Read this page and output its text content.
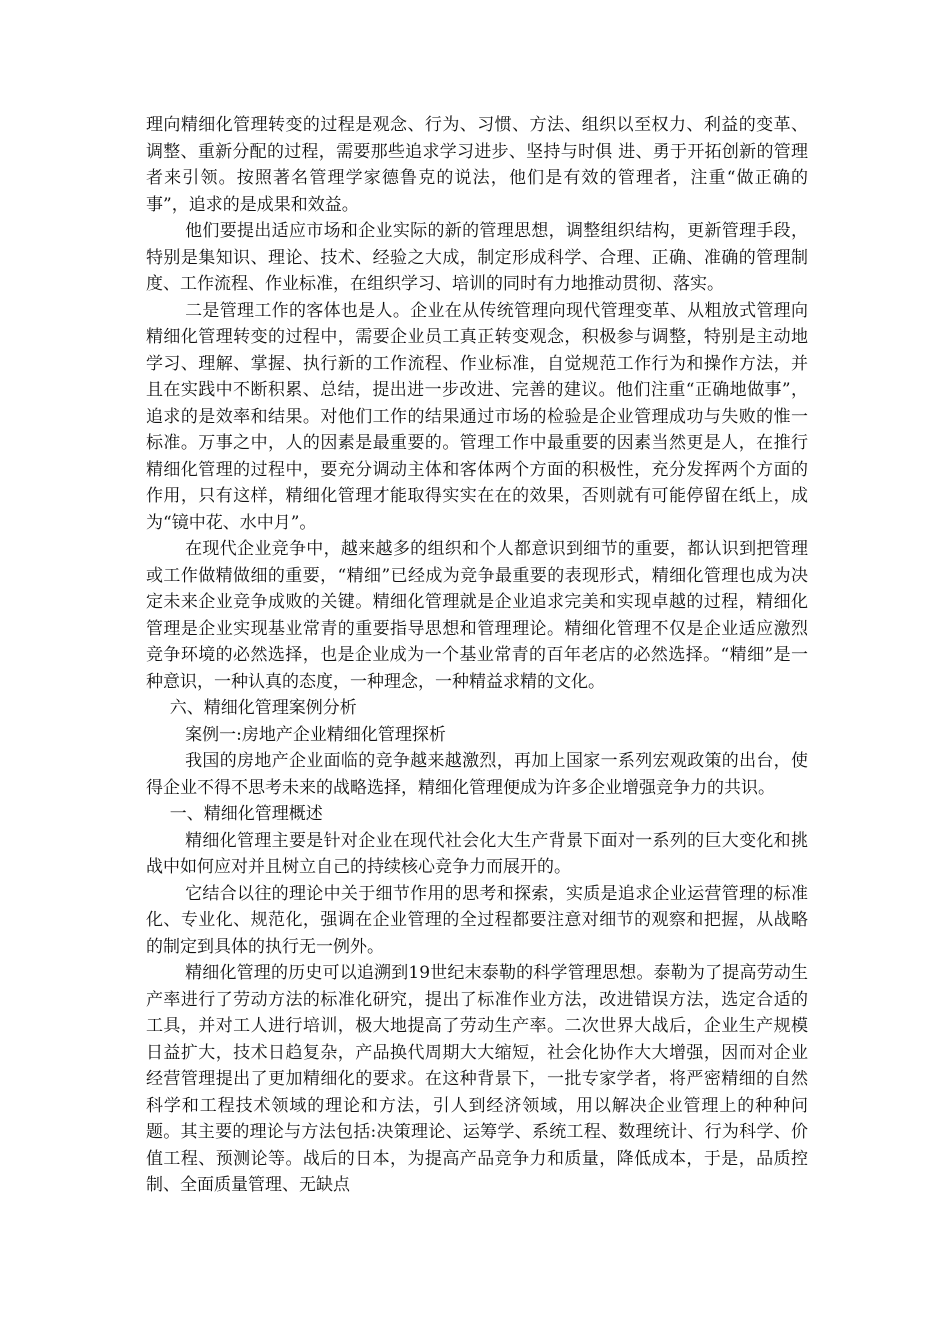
理向精细化管理转变的过程是观念、行为、习惯、方法、组织以至权力、利益的变革、调整、重新分配的过程，需要那些追求学习进步、坚持与时俱 进、勇于开拓创新的管理者来引领。按照著名管理学家德鲁克的说法，他们是有效的管理者，注重“做正确的事”，追求的是成果和效益。

他们要提出适应市场和企业实际的新的管理思想，调整组织结构，更新管理手段，特别是集知识、理论、技术、经验之大成，制定形成科学、合理、正确、准确的管理制度、工作流程、作业标准，在组织学习、培训的同时有力地推动贯彻、落实。

二是管理工作的客体也是人。企业在从传统管理向现代管理变革、从粗放式管理向精细化管理转变的过程中，需要企业员工真正转变观念，积极参与调整，特别是主动地学习、理解、掌握、执行新的工作流程、作业标准，自觉规范工作行为和操作方法，并且在实践中不断积累、总结，提出进一步改进、完善的建议。他们注重“正确地做事”，追求的是效率和结果。对他们工作的结果通过市场的检验是企业管理成功与失败的惟一标准。万事之中，人的因素是最重要的。管理工作中最重要的因素当然更是人，在推行精细化管理的过程中，要充分调动主体和客体两个方面的积极性，充分发挥两个方面的作用，只有这样，精细化管理才能取得实实在在的效果，否则就有可能停留在纸上，成为“镜中花、水中月”。

在现代企业竞争中，越来越多的组织和个人都意识到细节的重要，都认识到把管理或工作做精做细的重要，“精细”已经成为竞争最重要的表现形式，精细化管理也成为决定未来企业竞争成败的关键。精细化管理就是企业追求完美和实现卓越的过程，精细化管理是企业实现基业常青的重要指导思想和管理理论。精细化管理不仅是企业适应激烈竞争环境的必然选择，也是企业成为一个基业常青的百年老店的必然选择。“精细”是一种意识，一种认真的态度，一种理念，一种精益求精的文化。

六、精细化管理案例分析

案例一:房地产企业精细化管理探析

我国的房地产企业面临的竞争越来越激烈，再加上国家一系列宏观政策的出台，使得企业不得不思考未来的战略选择，精细化管理便成为许多企业增强竞争力的共识。

一、精细化管理概述

精细化管理主要是针对企业在现代社会化大生产背景下面对一系列的巨大变化和挑战中如何应对并且树立自己的持续核心竞争力而展开的。

它结合以往的理论中关于细节作用的思考和探索，实质是追求企业运营管理的标准化、专业化、规范化，强调在企业管理的全过程都要注意对细节的观察和把握，从战略的制定到具体的执行无一例外。

精细化管理的历史可以追溯到19世纪末泰勒的科学管理思想。泰勒为了提高劳动生产率进行了劳动方法的标准化研究，提出了标准作业方法，改进错误方法，选定合适的工具，并对工人进行培训，极大地提高了劳动生产率。二次世界大战后，企业生产规模日益扩大，技术日趋复杂，产品换代周期大大缩短，社会化协作大大增强，因而对企业经营管理提出了更加精细化的要求。在这种背景下，一批专家学者，将严密精细的自然科学和工程技术领域的理论和方法，引人到经济领域，用以解决企业管理上的种种问题。其主要的理论与方法包括:决策理论、运筹学、系统工程、数理统计、行为科学、价值工程、预测论等。战后的日本，为提高产品竞争力和质量，降低成本，于是，品质控制、全面质量管理、无缺点
